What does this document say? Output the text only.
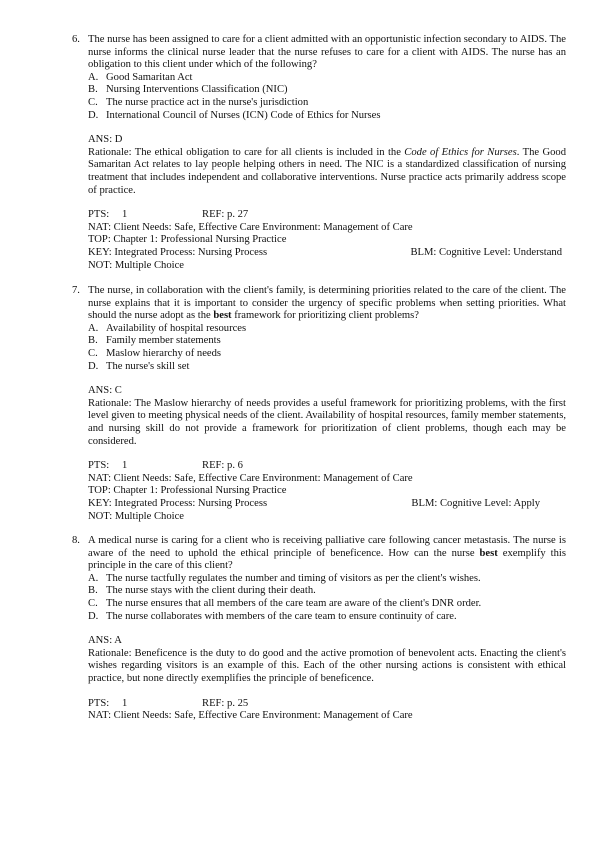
6. The nurse has been assigned to care for a client admitted with an opportunistic infection secondary to AIDS. The nurse informs the clinical nurse leader that the nurse refuses to care for a client with AIDS. The nurse has an obligation to this client under which of the following?
A. Good Samaritan Act
B. Nursing Interventions Classification (NIC)
C. The nurse practice act in the nurse's jurisdiction
D. International Council of Nurses (ICN) Code of Ethics for Nurses
ANS: D
Rationale: The ethical obligation to care for all clients is included in the Code of Ethics for Nurses. The Good Samaritan Act relates to lay people helping others in need. The NIC is a standardized classification of nursing treatment that includes independent and collaborative interventions. Nurse practice acts primarily address scope of practice.
PTS: 1	REF: p. 27
NAT: Client Needs: Safe, Effective Care Environment: Management of Care
TOP: Chapter 1: Professional Nursing Practice
KEY: Integrated Process: Nursing Process	BLM: Cognitive Level: Understand
NOT: Multiple Choice
7. The nurse, in collaboration with the client's family, is determining priorities related to the care of the client. The nurse explains that it is important to consider the urgency of specific problems when setting priorities. What should the nurse adopt as the best framework for prioritizing client problems?
A. Availability of hospital resources
B. Family member statements
C. Maslow hierarchy of needs
D. The nurse's skill set
ANS: C
Rationale: The Maslow hierarchy of needs provides a useful framework for prioritizing problems, with the first level given to meeting physical needs of the client. Availability of hospital resources, family member statements, and nursing skill do not provide a framework for prioritization of client problems, though each may be considered.
PTS: 1	REF: p. 6
NAT: Client Needs: Safe, Effective Care Environment: Management of Care
TOP: Chapter 1: Professional Nursing Practice
KEY: Integrated Process: Nursing Process	BLM: Cognitive Level: Apply
NOT: Multiple Choice
8. A medical nurse is caring for a client who is receiving palliative care following cancer metastasis. The nurse is aware of the need to uphold the ethical principle of beneficence. How can the nurse best exemplify this principle in the care of this client?
A. The nurse tactfully regulates the number and timing of visitors as per the client's wishes.
B. The nurse stays with the client during their death.
C. The nurse ensures that all members of the care team are aware of the client's DNR order.
D. The nurse collaborates with members of the care team to ensure continuity of care.
ANS: A
Rationale: Beneficence is the duty to do good and the active promotion of benevolent acts. Enacting the client's wishes regarding visitors is an example of this. Each of the other nursing actions is consistent with ethical practice, but none directly exemplifies the principle of beneficence.
PTS: 1	REF: p. 25
NAT: Client Needs: Safe, Effective Care Environment: Management of Care
